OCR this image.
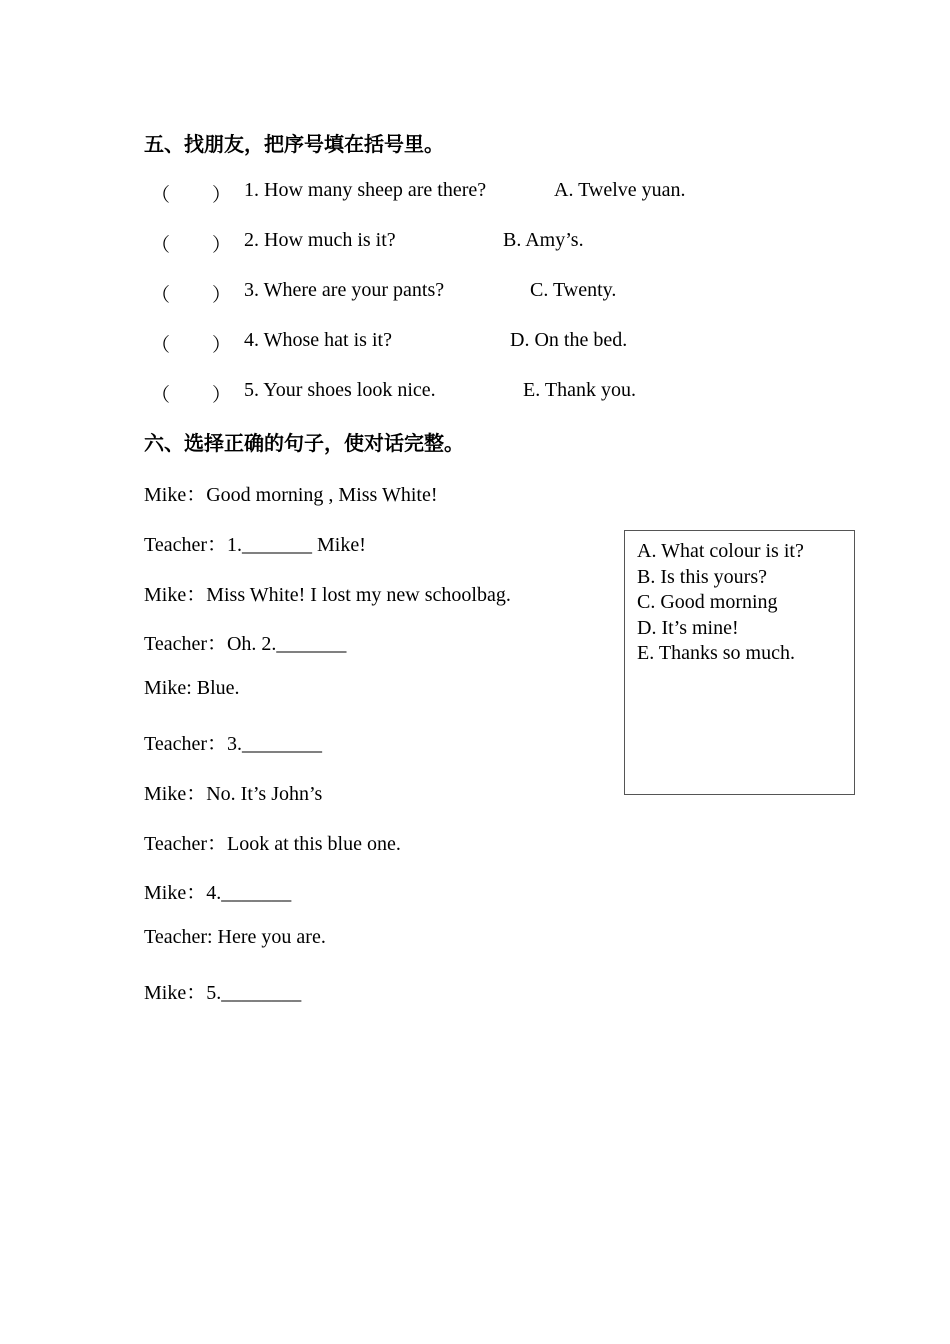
五、找朋友，把序号填在括号里。
（ ） 1. How many sheep are there?	A. Twelve yuan.
（ ） 2. How much is it?	B. Amy’s.
（ ） 3. Where are your pants?	C. Twenty.
（ ） 4. Whose hat is it?	D. On the bed.
（ ） 5. Your shoes look nice.	E. Thank you.
六、选择正确的句子，使对话完整。
Mike：Good morning , Miss White!
Teacher：1._______ Mike!
Mike：Miss White! I lost my new schoolbag.
Teacher：Oh. 2._______
Mike: Blue.
Teacher：3.________
Mike：No. It’s John’s
Teacher：Look at this blue one.
Mike：4._______
Teacher: Here you are.
Mike：5.________
A. What colour is it?
B. Is this yours?
C. Good morning
D. It’s mine!
E. Thanks so much.
